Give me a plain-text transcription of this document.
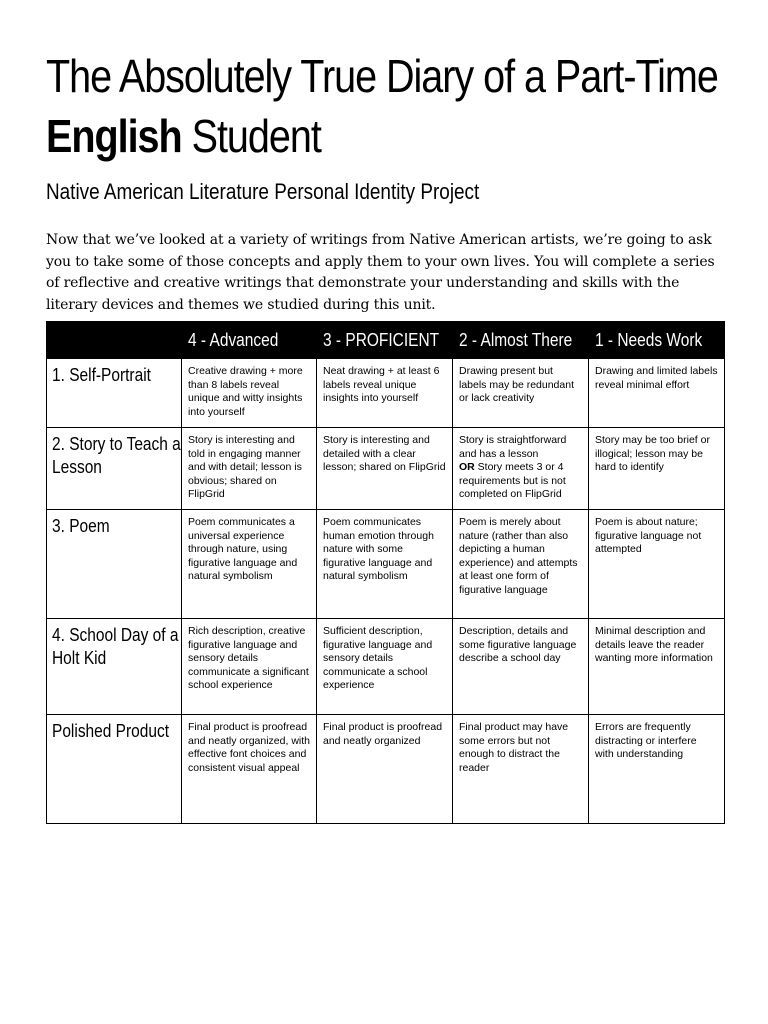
The Absolutely True Diary of a Part-Time
English Student
Native American Literature Personal Identity Project

Now that we’ve looked at a variety of writings from Native American artists, we’re going to ask you to take some of those concepts and apply them to your own lives. You will complete a series of reflective and creative writings that demonstrate your understanding and skills with the literary devices and themes we studied during this unit.

	4 - Advanced	3 - PROFICIENT	2 - Almost There	1 - Needs Work

1. Self-Portrait	Creative drawing + more than 8 labels reveal unique and witty insights into yourself	Neat drawing + at least 6 labels reveal unique insights into yourself	Drawing present but labels may be redundant or lack creativity	Drawing and limited labels reveal minimal effort

2. Story to Teach a Lesson	Story is interesting and told in engaging manner and with detail; lesson is obvious; shared on FlipGrid	Story is interesting and detailed with a clear lesson; shared on FlipGrid	Story is straightforward and has a lesson
OR Story meets 3 or 4 requirements but is not completed on FlipGrid	Story may be too brief or illogical; lesson may be hard to identify

3. Poem	Poem communicates a universal experience through nature, using figurative language and natural symbolism	Poem communicates human emotion through nature with some figurative language and natural symbolism	Poem is merely about nature (rather than also depicting a human experience) and attempts at least one form of figurative language	Poem is about nature; figurative language not attempted

4. School Day of a Holt Kid	Rich description, creative figurative language and sensory details communicate a significant school experience	Sufficient description, figurative language and sensory details communicate a school experience	Description, details and some figurative language describe a school day	Minimal description and details leave the reader wanting more information

Polished Product	Final product is proofread and neatly organized, with effective font choices and consistent visual appeal	Final product is proofread and neatly organized	Final product may have some errors but not enough to distract the reader	Errors are frequently distracting or interfere with understanding
